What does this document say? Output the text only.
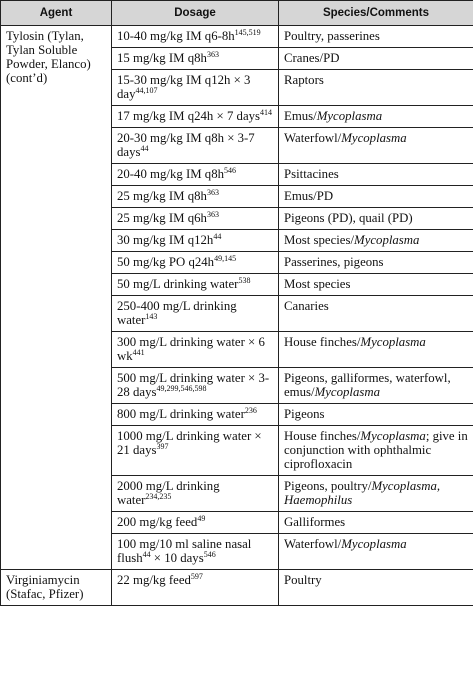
Agent	Dosage	Species/Comments
Tylosin (Tylan, Tylan Soluble Powder, Elanco) (cont’d)	10-40 mg/kg IM $q6-8h^{145,519}$	Poultry, passerines
	15 mg/kg IM $q8h^{363}$	Cranes/PD
	15-30 mg/kg IM q12h × 3 day$^{44,107}$	Raptors
	17 mg/kg IM q24h × 7 days$^{414}$	Emus/Mycoplasma
	20-30 mg/kg IM q8h × 3-7 days$^{44}$	Waterfowl/Mycoplasma
	20-40 mg/kg IM $q8h^{546}$	Psittacines
	25 mg/kg IM $q8h^{363}$	Emus/PD
	25 mg/kg IM $q6h^{363}$	Pigeons (PD), quail (PD)
	30 mg/kg IM $q12h^{44}$	Most species/Mycoplasma
	50 mg/kg PO $q24h^{49,145}$	Passerines, pigeons
	50 mg/L drinking water$^{538}$	Most species
	250-400 mg/L drinking water$^{143}$	Canaries
	300 mg/L drinking water × 6 $wk^{441}$	House finches/Mycoplasma
	500 mg/L drinking water × 3-28 days$^{49,299,546,598}$	Pigeons, galliformes, waterfowl, emus/Mycoplasma
	800 mg/L drinking water$^{236}$	Pigeons
	1000 mg/L drinking water × 21 days$^{397}$	House finches/Mycoplasma; give in conjunction with ophthalmic ciprofloxacin
	2000 mg/L drinking water$^{234,235}$	Pigeons, poultry/Mycoplasma, Haemophilus
	200 mg/kg feed$^{49}$	Galliformes
	100 mg/10 ml saline nasal flush$^{44}$ × 10 days$^{546}$	Waterfowl/Mycoplasma
Virginiamycin (Stafac, Pfizer)	22 mg/kg feed$^{597}$	Poultry
